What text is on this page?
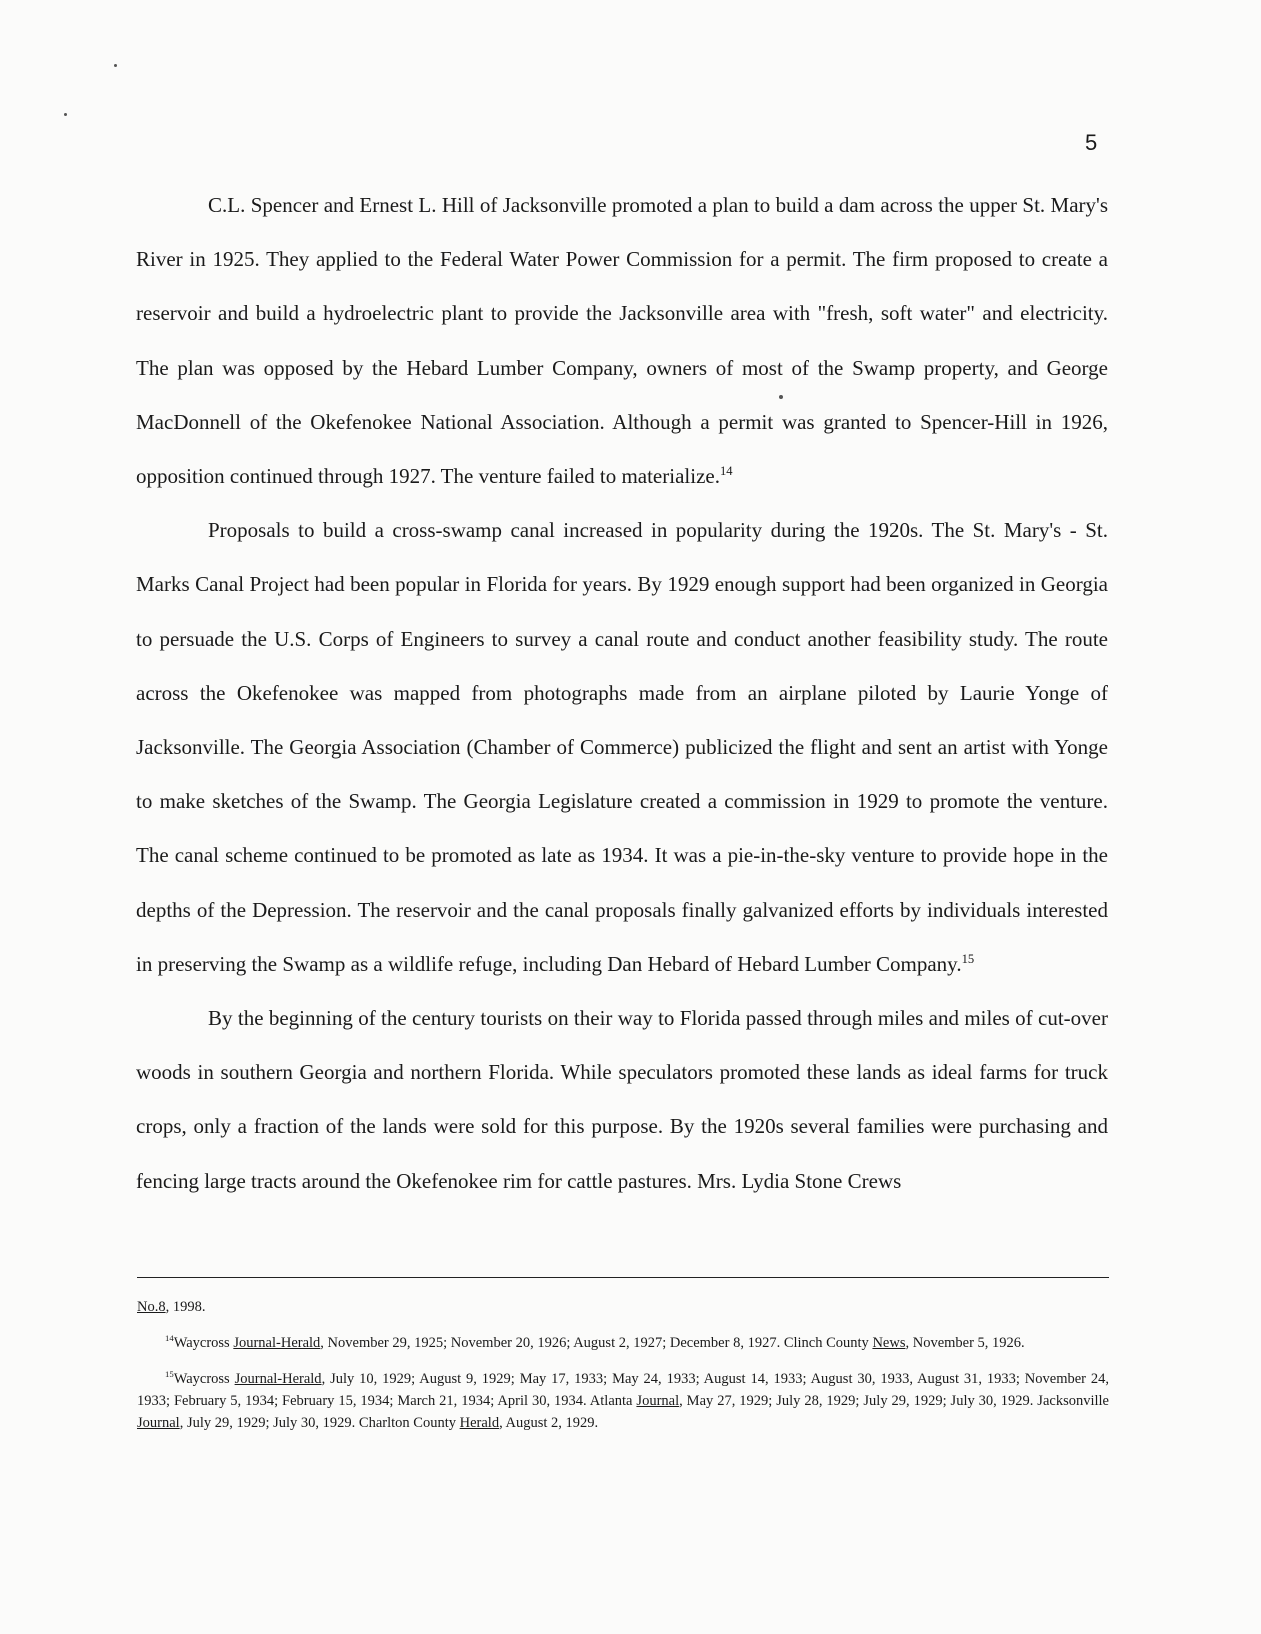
5

C.L. Spencer and Ernest L. Hill of Jacksonville promoted a plan to build a dam across the upper St. Mary's River in 1925. They applied to the Federal Water Power Commission for a permit. The firm proposed to create a reservoir and build a hydroelectric plant to provide the Jacksonville area with "fresh, soft water" and electricity. The plan was opposed by the Hebard Lumber Company, owners of most of the Swamp property, and George MacDonnell of the Okefenokee National Association. Although a permit was granted to Spencer-Hill in 1926, opposition continued through 1927. The venture failed to materialize.$^{14}$

Proposals to build a cross-swamp canal increased in popularity during the 1920s. The St. Mary's - St. Marks Canal Project had been popular in Florida for years. By 1929 enough support had been organized in Georgia to persuade the U.S. Corps of Engineers to survey a canal route and conduct another feasibility study. The route across the Okefenokee was mapped from photographs made from an airplane piloted by Laurie Yonge of Jacksonville. The Georgia Association (Chamber of Commerce) publicized the flight and sent an artist with Yonge to make sketches of the Swamp. The Georgia Legislature created a commission in 1929 to promote the venture. The canal scheme continued to be promoted as late as 1934. It was a pie-in-the-sky venture to provide hope in the depths of the Depression. The reservoir and the canal proposals finally galvanized efforts by individuals interested in preserving the Swamp as a wildlife refuge, including Dan Hebard of Hebard Lumber Company.$^{15}$

By the beginning of the century tourists on their way to Florida passed through miles and miles of cut-over woods in southern Georgia and northern Florida. While speculators promoted these lands as ideal farms for truck crops, only a fraction of the lands were sold for this purpose. By the 1920s several families were purchasing and fencing large tracts around the Okefenokee rim for cattle pastures. Mrs. Lydia Stone Crews

No.8, 1998.

$^{14}$Waycross Journal-Herald, November 29, 1925; November 20, 1926; August 2, 1927; December 8, 1927. Clinch County News, November 5, 1926.

$^{15}$Waycross Journal-Herald, July 10, 1929; August 9, 1929; May 17, 1933; May 24, 1933; August 14, 1933; August 30, 1933, August 31, 1933; November 24, 1933; February 5, 1934; February 15, 1934; March 21, 1934; April 30, 1934. Atlanta Journal, May 27, 1929; July 28, 1929; July 29, 1929; July 30, 1929. Jacksonville Journal, July 29, 1929; July 30, 1929. Charlton County Herald, August 2, 1929.
